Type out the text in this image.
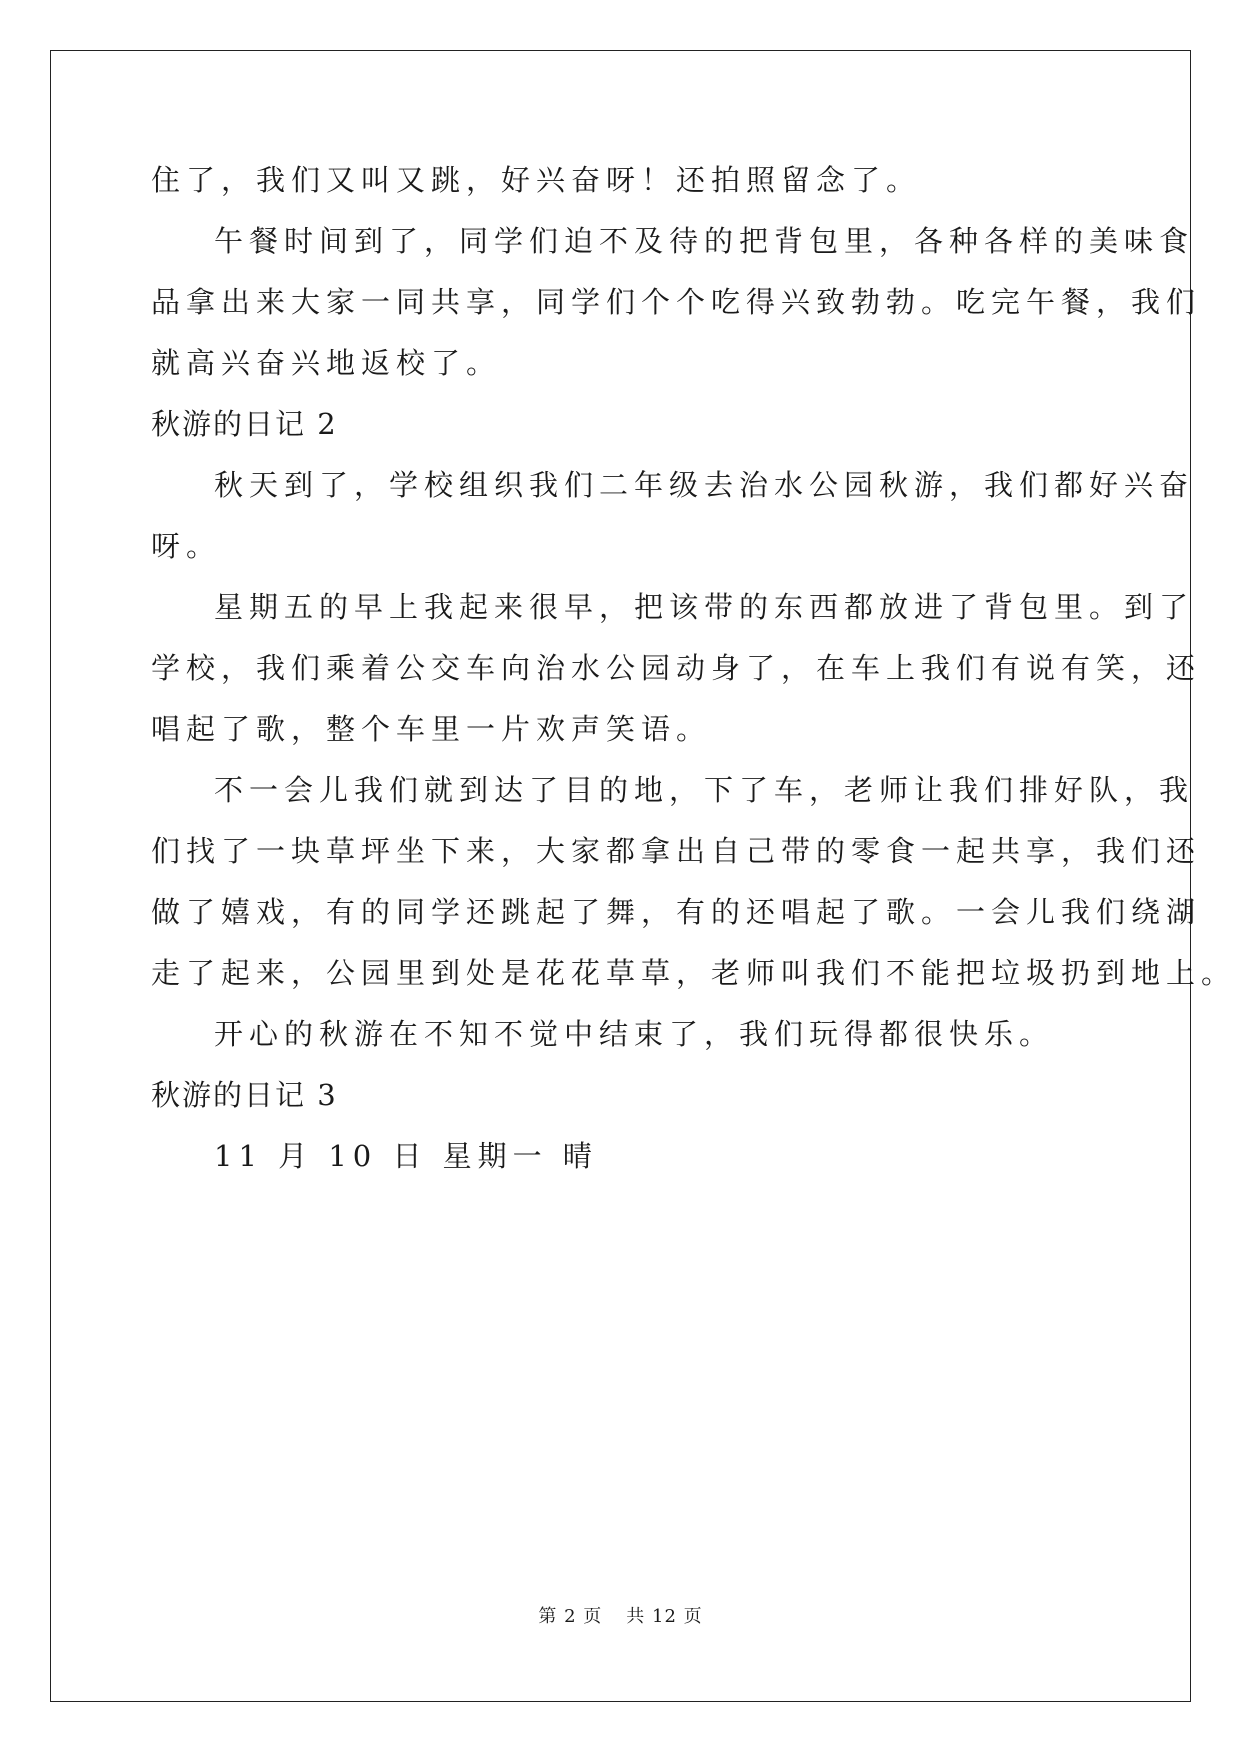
住了，我们又叫又跳，好兴奋呀！还拍照留念了。
午餐时间到了，同学们迫不及待的把背包里，各种各样的美味食
品拿出来大家一同共享，同学们个个吃得兴致勃勃。吃完午餐，我们
就高兴奋兴地返校了。
秋游的日记 2
秋天到了，学校组织我们二年级去治水公园秋游，我们都好兴奋
呀。
星期五的早上我起来很早，把该带的东西都放进了背包里。到了
学校，我们乘着公交车向治水公园动身了，在车上我们有说有笑，还
唱起了歌，整个车里一片欢声笑语。
不一会儿我们就到达了目的地，下了车，老师让我们排好队，我
们找了一块草坪坐下来，大家都拿出自己带的零食一起共享，我们还
做了嬉戏，有的同学还跳起了舞，有的还唱起了歌。一会儿我们绕湖
走了起来，公园里到处是花花草草，老师叫我们不能把垃圾扔到地上。
开心的秋游在不知不觉中结束了，我们玩得都很快乐。
秋游的日记 3
11 月 10 日 星期一 晴
第 2 页 共 12 页
